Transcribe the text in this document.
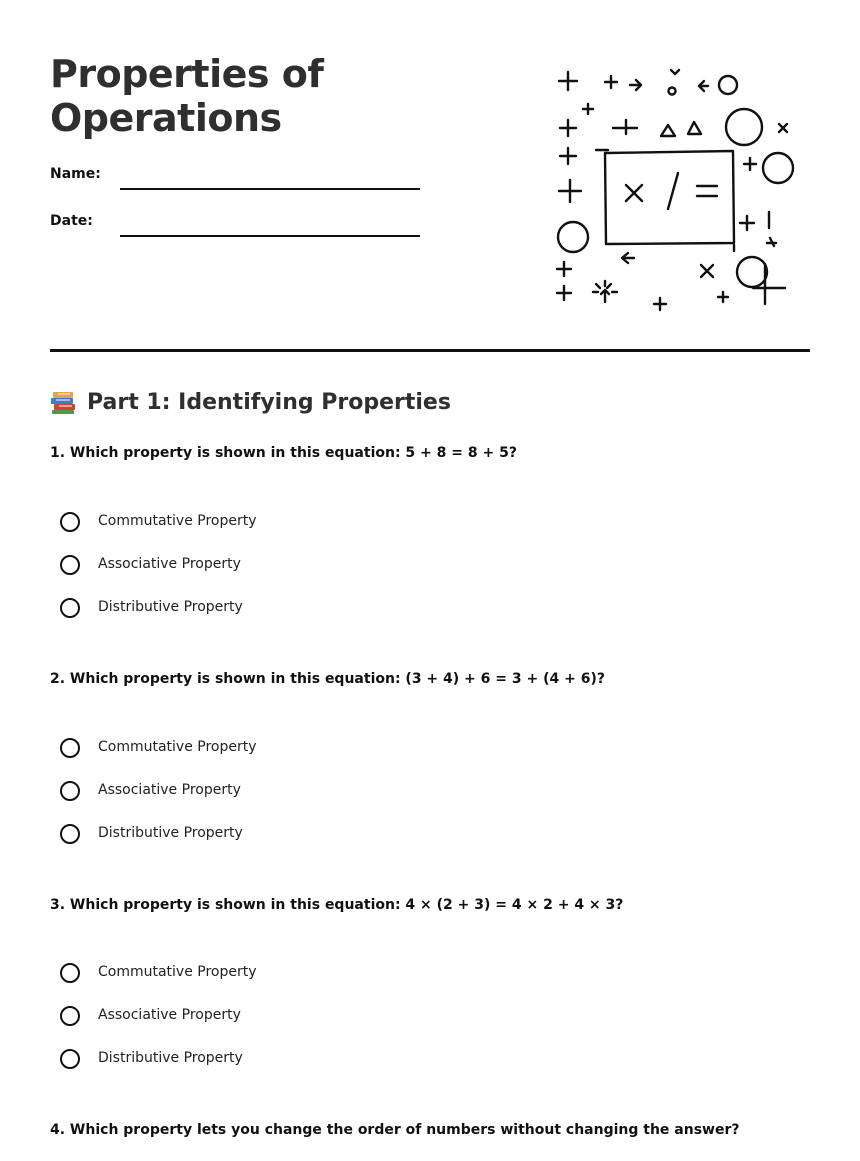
Properties of
Operations
Name:
Date:
Part 1: Identifying Properties
1. Which property is shown in this equation: 5 + 8 = 8 + 5?
Commutative Property
Associative Property
Distributive Property
2. Which property is shown in this equation: (3 + 4) + 6 = 3 + (4 + 6)?
Commutative Property
Associative Property
Distributive Property
3. Which property is shown in this equation: 4 × (2 + 3) = 4 × 2 + 4 × 3?
Commutative Property
Associative Property
Distributive Property
4. Which property lets you change the order of numbers without changing the answer?
